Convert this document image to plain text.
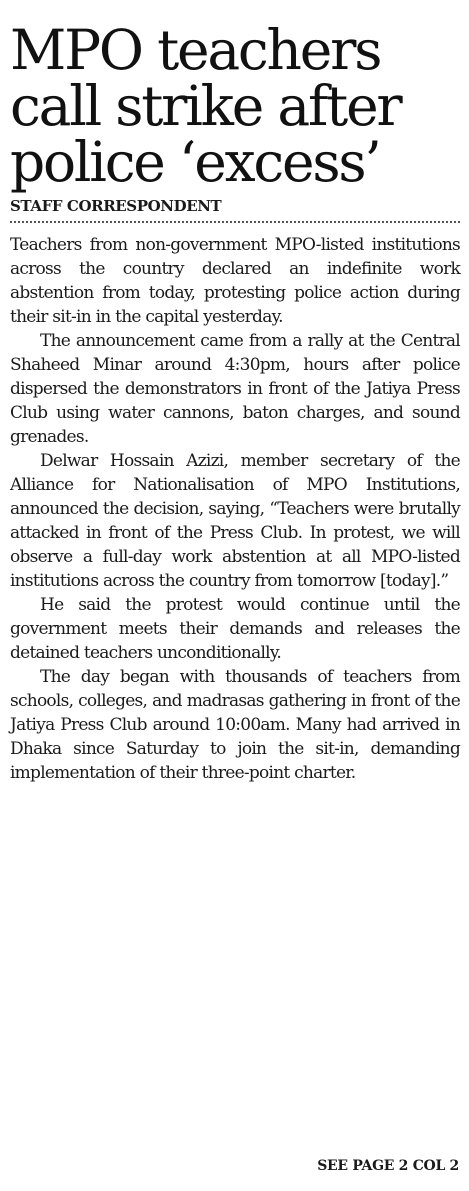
MPO teachers call strike after police ‘excess’
STAFF CORRESPONDENT

Teachers from non-government MPO-listed institutions across the country declared an indefinite work abstention from today, protesting police action during their sit-in in the capital yesterday.

The announcement came from a rally at the Central Shaheed Minar around 4:30pm, hours after police dispersed the demonstrators in front of the Jatiya Press Club using water cannons, baton charges, and sound grenades.

Delwar Hossain Azizi, member secretary of the Alliance for Nationalisation of MPO Institutions, announced the decision, saying, “Teachers were brutally attacked in front of the Press Club. In protest, we will observe a full-day work abstention at all MPO-listed institutions across the country from tomorrow [today].”

He said the protest would continue until the government meets their demands and releases the detained teachers unconditionally.

The day began with thousands of teachers from schools, colleges, and madrasas gathering in front of the Jatiya Press Club around 10:00am. Many had arrived in Dhaka since Saturday to join the sit-in, demanding implementation of their three-point charter.

SEE PAGE 2 COL 2
